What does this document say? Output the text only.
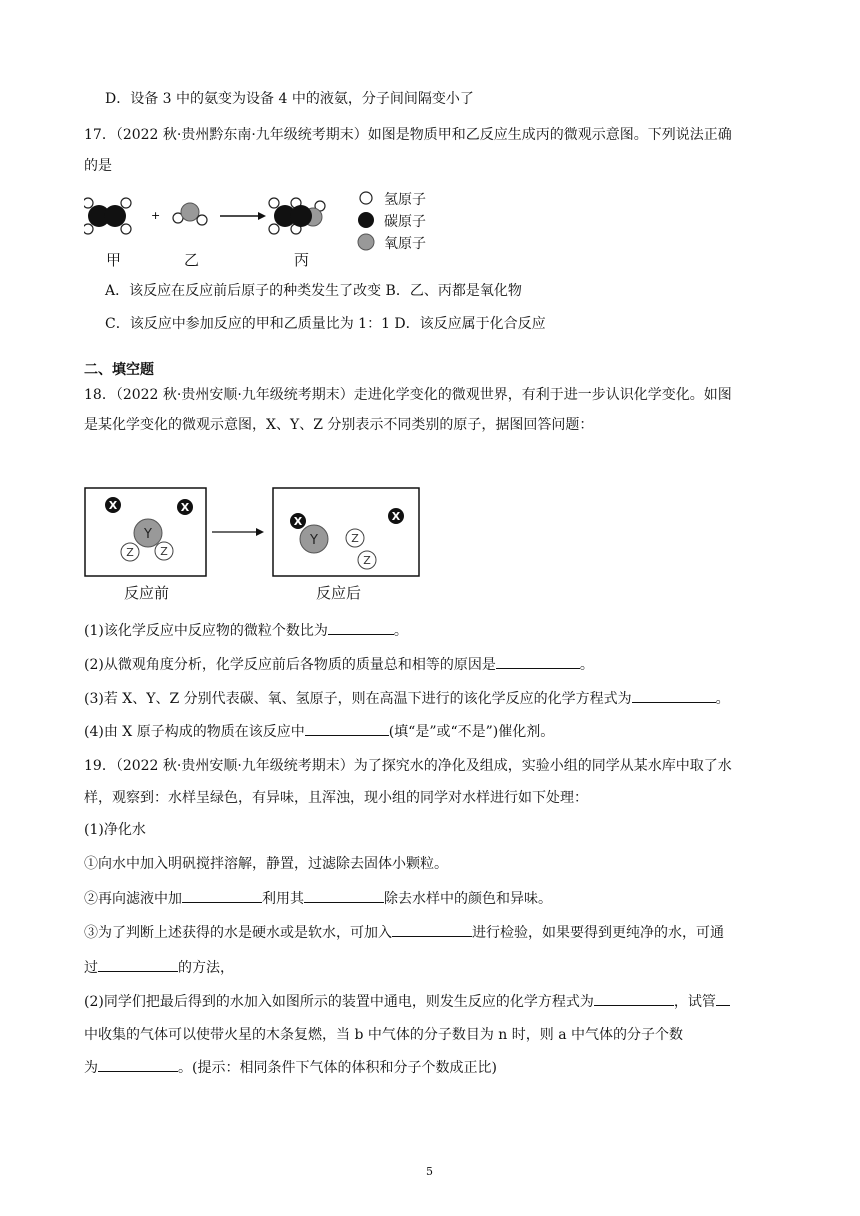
D．设备 3 中的氨变为设备 4 中的液氨，分子间间隔变小了
17．（2022 秋·贵州黔东南·九年级统考期末）如图是物质甲和乙反应生成丙的微观示意图。下列说法正确
的是
+
氢原子
碳原子
氧原子
甲	乙	丙
A．该反应在反应前后原子的种类发生了改变 B．乙、丙都是氧化物
C．该反应中参加反应的甲和乙质量比为 1：1 D．该反应属于化合反应
二、填空题
18．（2022 秋·贵州安顺·九年级统考期末）走进化学变化的微观世界，有利于进一步认识化学变化。如图
是某化学变化的微观示意图，X、Y、Z 分别表示不同类别的原子，据图回答问题：
X	X
Z Z
Y
X
Y	Z
Z
X
反应前	反应后
(1)该化学反应中反应物的微粒个数比为	。
(2)从微观角度分析，化学反应前后各物质的质量总和相等的原因是	。
(3)若 X、Y、Z 分别代表碳、氧、氢原子，则在高温下进行的该化学反应的化学方程式为	。
(4)由 X 原子构成的物质在该反应中	(填“是”或“不是”)催化剂。
19．（2022 秋·贵州安顺·九年级统考期末）为了探究水的净化及组成，实验小组的同学从某水库中取了水
样，观察到：水样呈绿色，有异味，且浑浊，现小组的同学对水样进行如下处理：
(1)净化水
①向水中加入明矾搅拌溶解，静置，过滤除去固体小颗粒。
②再向滤液中加	利用其	除去水样中的颜色和异味。
③为了判断上述获得的水是硬水或是软水，可加入	进行检验，如果要得到更纯净的水，可通
过	的方法，
(2)同学们把最后得到的水加入如图所示的装置中通电，则发生反应的化学方程式为	，试管
中收集的气体可以使带火星的木条复燃，当 b 中气体的分子数目为 n 时，则 a 中气体的分子个数
为	。(提示：相同条件下气体的体积和分子个数成正比)
5
